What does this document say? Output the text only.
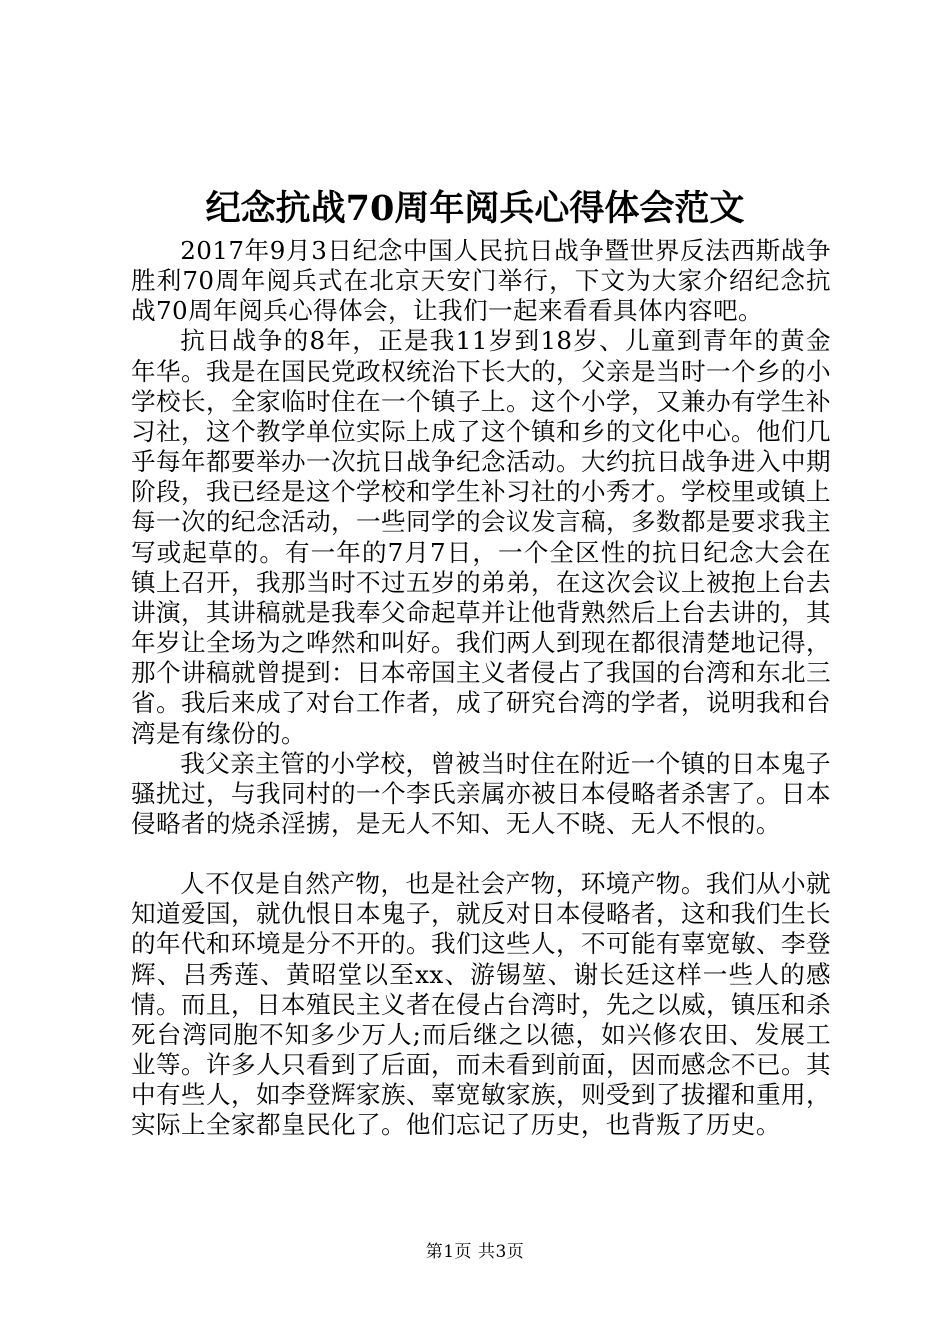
纪念抗战70周年阅兵心得体会范文

2017年9月3日纪念中国人民抗日战争暨世界反法西斯战争胜利70周年阅兵式在北京天安门举行，下文为大家介绍纪念抗战70周年阅兵心得体会，让我们一起来看看具体内容吧。

抗日战争的8年，正是我11岁到18岁、儿童到青年的黄金年华。我是在国民党政权统治下长大的，父亲是当时一个乡的小学校长，全家临时住在一个镇子上。这个小学，又兼办有学生补习社，这个教学单位实际上成了这个镇和乡的文化中心。他们几乎每年都要举办一次抗日战争纪念活动。大约抗日战争进入中期阶段，我已经是这个学校和学生补习社的小秀才。学校里或镇上每一次的纪念活动，一些同学的会议发言稿，多数都是要求我主写或起草的。有一年的7月7日，一个全区性的抗日纪念大会在镇上召开，我那当时不过五岁的弟弟，在这次会议上被抱上台去讲演，其讲稿就是我奉父命起草并让他背熟然后上台去讲的，其年岁让全场为之哗然和叫好。我们两人到现在都很清楚地记得，那个讲稿就曾提到：日本帝国主义者侵占了我国的台湾和东北三省。我后来成了对台工作者，成了研究台湾的学者，说明我和台湾是有缘份的。

我父亲主管的小学校，曾被当时住在附近一个镇的日本鬼子骚扰过，与我同村的一个李氏亲属亦被日本侵略者杀害了。日本侵略者的烧杀淫掳，是无人不知、无人不晓、无人不恨的。

人不仅是自然产物，也是社会产物，环境产物。我们从小就知道爱国，就仇恨日本鬼子，就反对日本侵略者，这和我们生长的年代和环境是分不开的。我们这些人，不可能有辜宽敏、李登辉、吕秀莲、黄昭堂以至xx、游锡堃、谢长廷这样一些人的感情。而且，日本殖民主义者在侵占台湾时，先之以威，镇压和杀死台湾同胞不知多少万人;而后继之以德，如兴修农田、发展工业等。许多人只看到了后面，而未看到前面，因而感念不已。其中有些人，如李登辉家族、辜宽敏家族，则受到了拔擢和重用，实际上全家都皇民化了。他们忘记了历史，也背叛了历史。

第1页 共3页
